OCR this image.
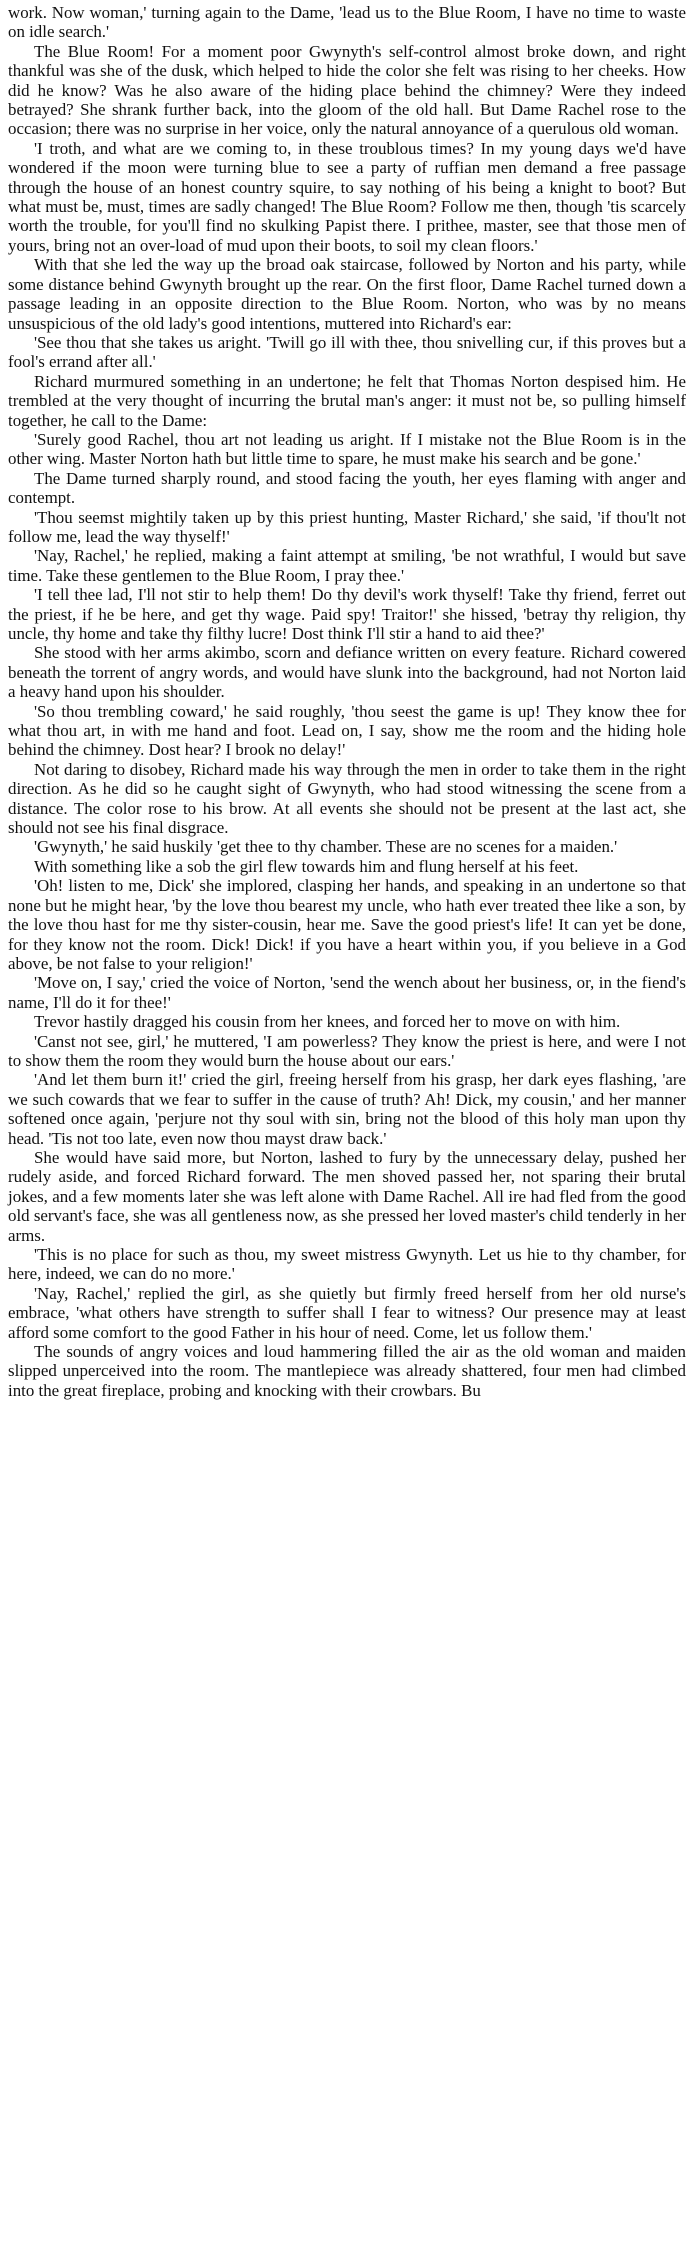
work. Now woman,' turning again to the Dame, 'lead us to the Blue Room, I have no time to waste on idle search.'

The Blue Room! For a moment poor Gwynyth's self-control almost broke down, and right thankful was she of the dusk, which helped to hide the color she felt was rising to her cheeks. How did he know? Was he also aware of the hiding place behind the chimney? Were they indeed betrayed? She shrank further back, into the gloom of the old hall. But Dame Rachel rose to the occasion; there was no surprise in her voice, only the natural annoyance of a querulous old woman.

'I troth, and what are we coming to, in these troublous times? In my young days we'd have wondered if the moon were turning blue to see a party of ruffian men demand a free passage through the house of an honest country squire, to say nothing of his being a knight to boot? But what must be, must, times are sadly changed! The Blue Room? Follow me then, though 'tis scarcely worth the trouble, for you'll find no skulking Papist there. I prithee, master, see that those men of yours, bring not an over-load of mud upon their boots, to soil my clean floors.'

With that she led the way up the broad oak staircase, followed by Norton and his party, while some distance behind Gwynyth brought up the rear. On the first floor, Dame Rachel turned down a passage leading in an opposite direction to the Blue Room. Norton, who was by no means unsuspicious of the old lady's good intentions, muttered into Richard's ear:

'See thou that she takes us aright. 'Twill go ill with thee, thou snivelling cur, if this proves but a fool's errand after all.'

Richard murmured something in an undertone; he felt that Thomas Norton despised him. He trembled at the very thought of incurring the brutal man's anger: it must not be, so pulling himself together, he call to the Dame:

'Surely good Rachel, thou art not leading us aright. If I mistake not the Blue Room is in the other wing. Master Norton hath but little time to spare, he must make his search and be gone.'

The Dame turned sharply round, and stood facing the youth, her eyes flaming with anger and contempt.

'Thou seemst mightily taken up by this priest hunting, Master Richard,' she said, 'if thou'lt not follow me, lead the way thyself!'

'Nay, Rachel,' he replied, making a faint attempt at smiling, 'be not wrathful, I would but save time. Take these gentlemen to the Blue Room, I pray thee.'

'I tell thee lad, I'll not stir to help them! Do thy devil's work thyself! Take thy friend, ferret out the priest, if he be here, and get thy wage. Paid spy! Traitor!' she hissed, 'betray thy religion, thy uncle, thy home and take thy filthy lucre! Dost think I'll stir a hand to aid thee?'

She stood with her arms akimbo, scorn and defiance written on every feature. Richard cowered beneath the torrent of angry words, and would have slunk into the background, had not Norton laid a heavy hand upon his shoulder.

'So thou trembling coward,' he said roughly, 'thou seest the game is up! They know thee for what thou art, in with me hand and foot. Lead on, I say, show me the room and the hiding hole behind the chimney. Dost hear? I brook no delay!'

Not daring to disobey, Richard made his way through the men in order to take them in the right direction. As he did so he caught sight of Gwynyth, who had stood witnessing the scene from a distance. The color rose to his brow. At all events she should not be present at the last act, she should not see his final disgrace.

'Gwynyth,' he said huskily 'get thee to thy chamber. These are no scenes for a maiden.'

With something like a sob the girl flew towards him and flung herself at his feet.

'Oh! listen to me, Dick' she implored, clasping her hands, and speaking in an undertone so that none but he might hear, 'by the love thou bearest my uncle, who hath ever treated thee like a son, by the love thou hast for me thy sister-cousin, hear me. Save the good priest's life! It can yet be done, for they know not the room. Dick! Dick! if you have a heart within you, if you believe in a God above, be not false to your religion!'

'Move on, I say,' cried the voice of Norton, 'send the wench about her business, or, in the fiend's name, I'll do it for thee!'

Trevor hastily dragged his cousin from her knees, and forced her to move on with him.

'Canst not see, girl,' he muttered, 'I am powerless? They know the priest is here, and were I not to show them the room they would burn the house about our ears.'

'And let them burn it!' cried the girl, freeing herself from his grasp, her dark eyes flashing, 'are we such cowards that we fear to suffer in the cause of truth? Ah! Dick, my cousin,' and her manner softened once again, 'perjure not thy soul with sin, bring not the blood of this holy man upon thy head. 'Tis not too late, even now thou mayst draw back.'

She would have said more, but Norton, lashed to fury by the unnecessary delay, pushed her rudely aside, and forced Richard forward. The men shoved passed her, not sparing their brutal jokes, and a few moments later she was left alone with Dame Rachel. All ire had fled from the good old servant's face, she was all gentleness now, as she pressed her loved master's child tenderly in her arms.

'This is no place for such as thou, my sweet mistress Gwynyth. Let us hie to thy chamber, for here, indeed, we can do no more.'

'Nay, Rachel,' replied the girl, as she quietly but firmly freed herself from her old nurse's embrace, 'what others have strength to suffer shall I fear to witness? Our presence may at least afford some comfort to the good Father in his hour of need. Come, let us follow them.'

The sounds of angry voices and loud hammering filled the air as the old woman and maiden slipped unperceived into the room. The mantlepiece was already shattered, four men had climbed into the great fireplace, probing and knocking with their crowbars. Bu
